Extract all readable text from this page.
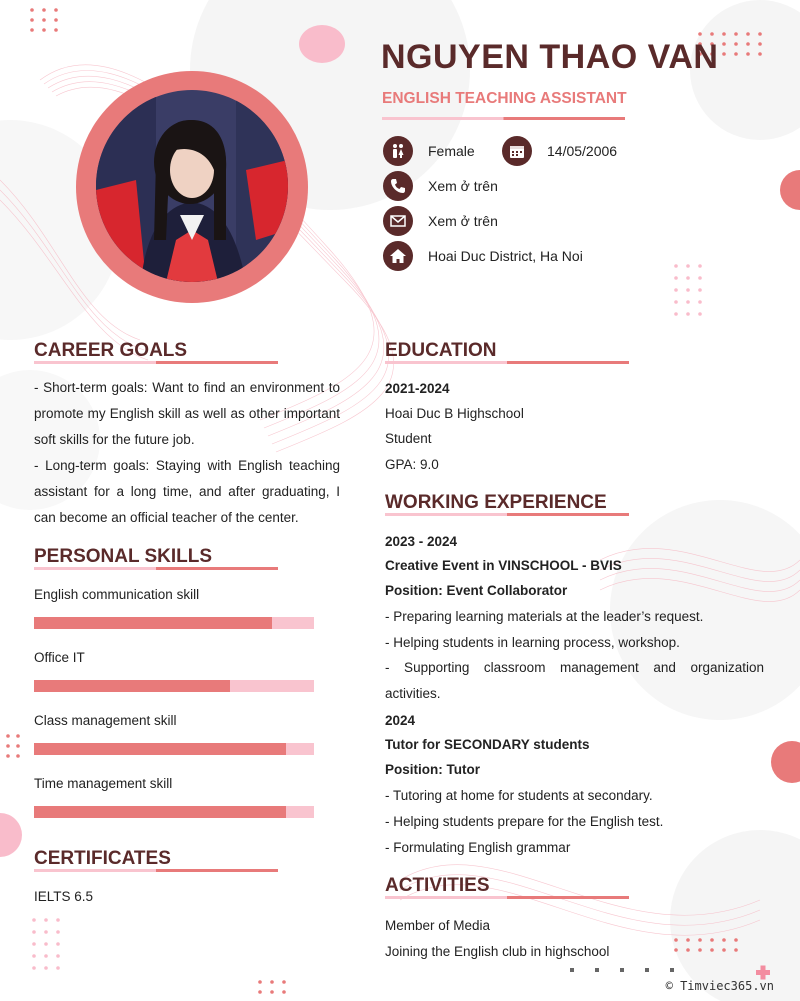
NGUYEN THAO VAN
ENGLISH TEACHING ASSISTANT
Female	14/05/2006
Xem ở trên
Xem ở trên
Hoai Duc District, Ha Noi
CAREER GOALS
- Short-term goals: Want to find an environment to promote my English skill as well as other important soft skills for the future job.
- Long-term goals: Staying with English teaching assistant for a long time, and after graduating, I can become an official teacher of the center.
PERSONAL SKILLS
English communication skill
Office IT
Class management skill
Time management skill
CERTIFICATES
IELTS 6.5
EDUCATION
2021-2024
Hoai Duc B Highschool
Student
GPA: 9.0
WORKING EXPERIENCE
2023 - 2024
Creative Event in VINSCHOOL - BVIS
Position: Event Collaborator
- Preparing learning materials at the leader’s request.
- Helping students in learning process, workshop.
- Supporting classroom management and organization activities.
2024
Tutor for SECONDARY students
Position: Tutor
- Tutoring at home for students at secondary.
- Helping students prepare for the English test.
- Formulating English grammar
ACTIVITIES
Member of Media
Joining the English club in highschool
© Timviec365.vn
